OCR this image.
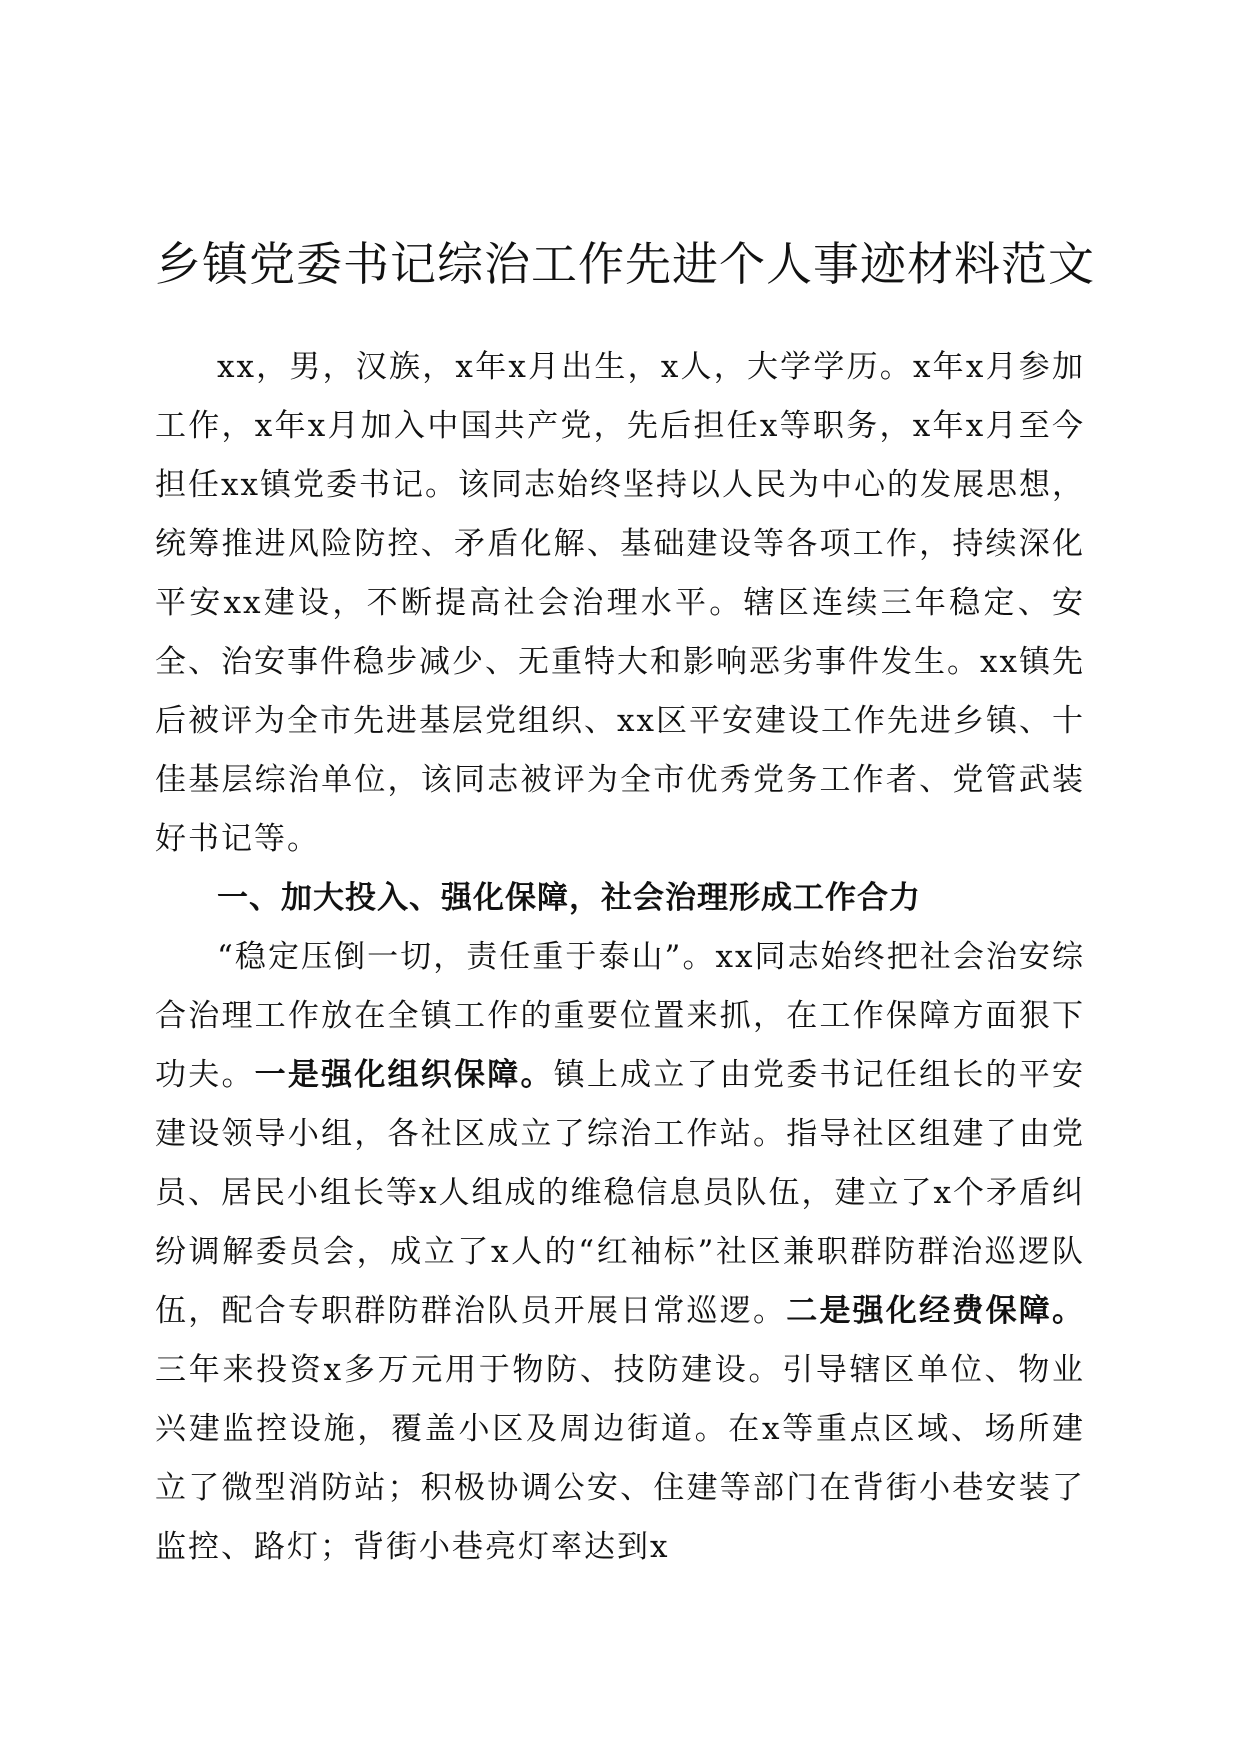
乡镇党委书记综治工作先进个人事迹材料范文

xx，男，汉族，x年x月出生，x人，大学学历。x年x月参加工作，x年x月加入中国共产党，先后担任x等职务，x年x月至今担任xx镇党委书记。该同志始终坚持以人民为中心的发展思想，统筹推进风险防控、矛盾化解、基础建设等各项工作，持续深化平安xx建设，不断提高社会治理水平。辖区连续三年稳定、安全、治安事件稳步减少、无重特大和影响恶劣事件发生。xx镇先后被评为全市先进基层党组织、xx区平安建设工作先进乡镇、十佳基层综治单位，该同志被评为全市优秀党务工作者、党管武装好书记等。

一、加大投入、强化保障，社会治理形成工作合力

“稳定压倒一切，责任重于泰山”。xx同志始终把社会治安综合治理工作放在全镇工作的重要位置来抓，在工作保障方面狠下功夫。一是强化组织保障。镇上成立了由党委书记任组长的平安建设领导小组，各社区成立了综治工作站。指导社区组建了由党员、居民小组长等x人组成的维稳信息员队伍，建立了x个矛盾纠纷调解委员会，成立了x人的“红袖标”社区兼职群防群治巡逻队伍，配合专职群防群治队员开展日常巡逻。二是强化经费保障。三年来投资x多万元用于物防、技防建设。引导辖区单位、物业兴建监控设施，覆盖小区及周边街道。在x等重点区域、场所建立了微型消防站；积极协调公安、住建等部门在背街小巷安装了监控、路灯；背街小巷亮灯率达到x
